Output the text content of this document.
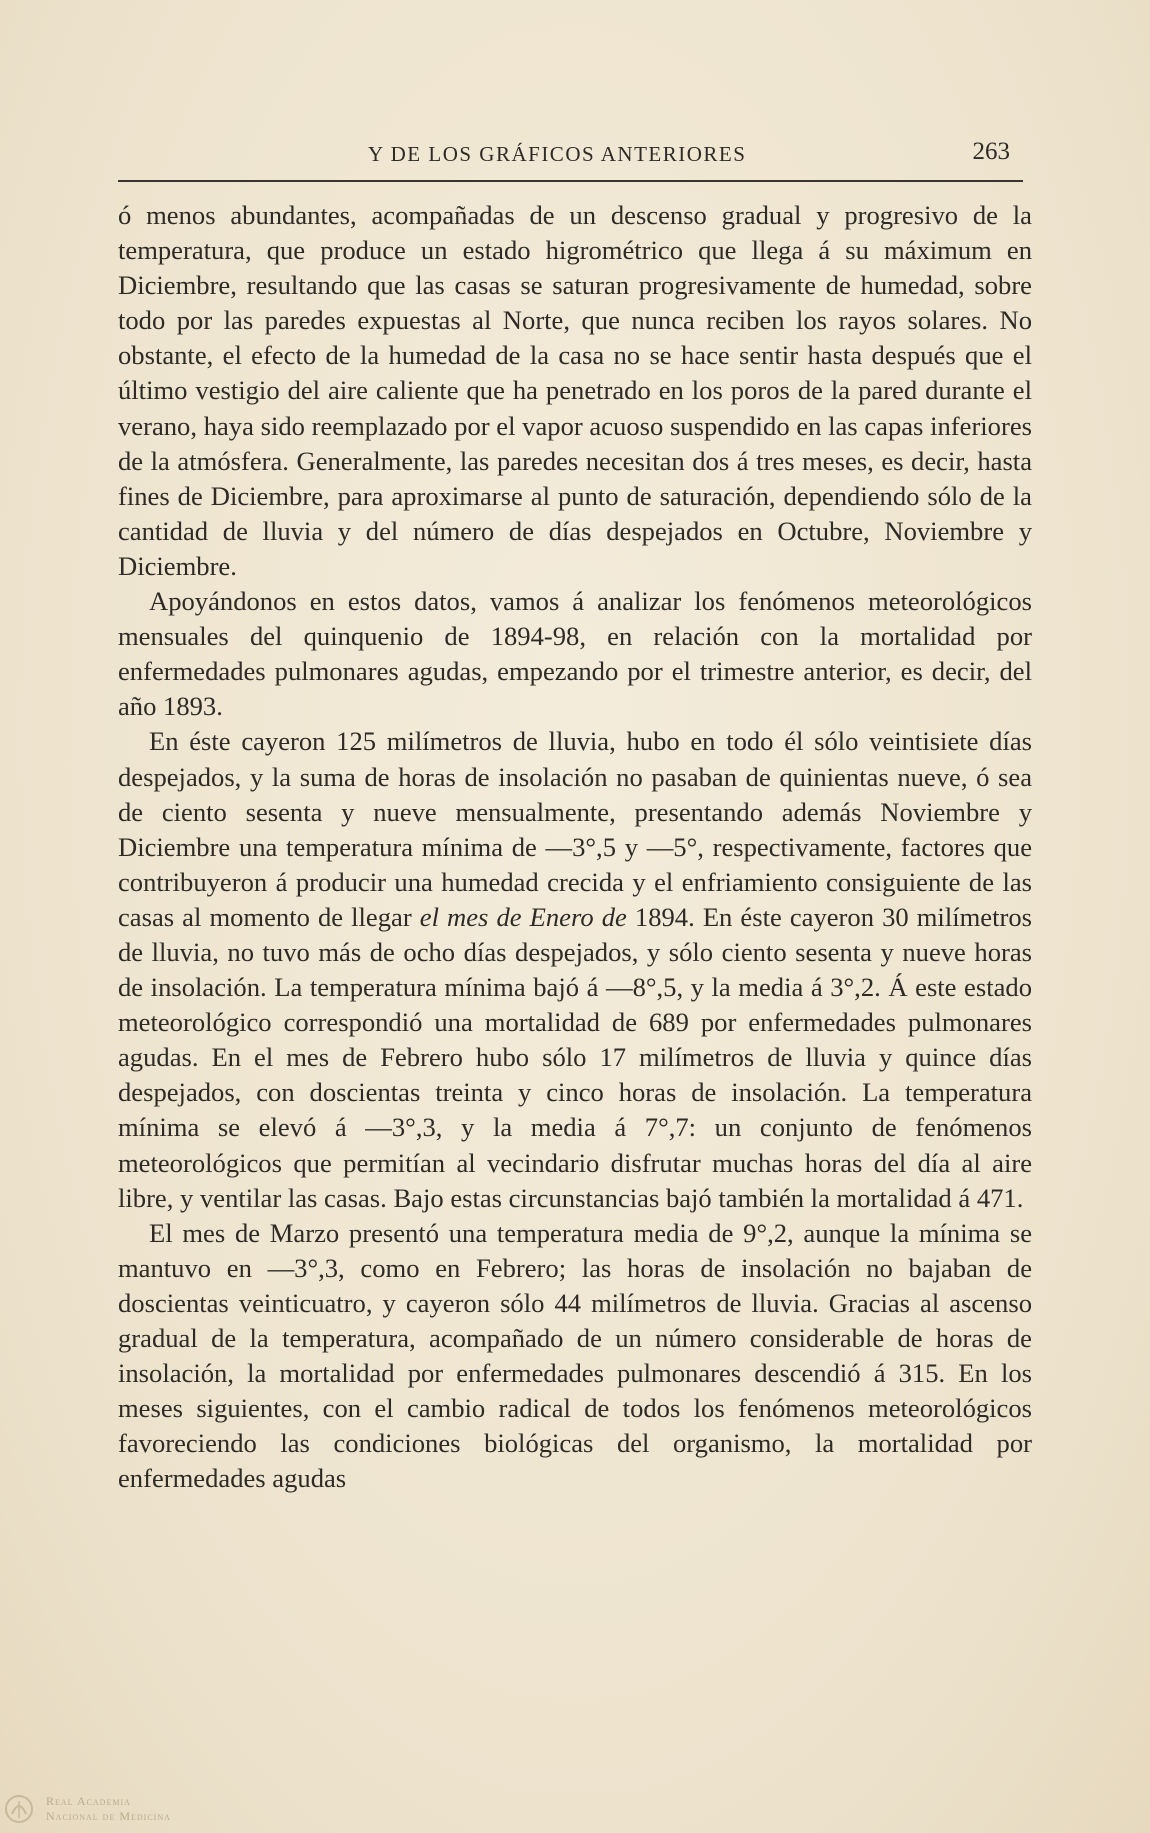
Y DE LOS GRÁFICOS ANTERIORES	263

ó menos abundantes, acompañadas de un descenso gradual y progresivo de la temperatura, que produce un estado higrométrico que llega á su máximum en Diciembre, resultando que las casas se saturan progresivamente de humedad, sobre todo por las paredes expuestas al Norte, que nunca reciben los rayos solares. No obstante, el efecto de la humedad de la casa no se hace sentir hasta después que el último vestigio del aire caliente que ha penetrado en los poros de la pared durante el verano, haya sido reemplazado por el vapor acuoso suspendido en las capas inferiores de la atmósfera. Generalmente, las paredes necesitan dos á tres meses, es decir, hasta fines de Diciembre, para aproximarse al punto de saturación, dependiendo sólo de la cantidad de lluvia y del número de días despejados en Octubre, Noviembre y Diciembre.

Apoyándonos en estos datos, vamos á analizar los fenómenos meteorológicos mensuales del quinquenio de 1894-98, en relación con la mortalidad por enfermedades pulmonares agudas, empezando por el trimestre anterior, es decir, del año 1893.

En éste cayeron 125 milímetros de lluvia, hubo en todo él sólo veintisiete días despejados, y la suma de horas de insolación no pasaban de quinientas nueve, ó sea de ciento sesenta y nueve mensualmente, presentando además Noviembre y Diciembre una temperatura mínima de —3°,5 y —5°, respectivamente, factores que contribuyeron á producir una humedad crecida y el enfriamiento consiguiente de las casas al momento de llegar el mes de Enero de 1894. En éste cayeron 30 milímetros de lluvia, no tuvo más de ocho días despejados, y sólo ciento sesenta y nueve horas de insolación. La temperatura mínima bajó á —8°,5, y la media á 3°,2. Á este estado meteorológico correspondió una mortalidad de 689 por enfermedades pulmonares agudas. En el mes de Febrero hubo sólo 17 milímetros de lluvia y quince días despejados, con doscientas treinta y cinco horas de insolación. La temperatura mínima se elevó á —3°,3, y la media á 7°,7: un conjunto de fenómenos meteorológicos que permitían al vecindario disfrutar muchas horas del día al aire libre, y ventilar las casas. Bajo estas circunstancias bajó también la mortalidad á 471.

El mes de Marzo presentó una temperatura media de 9°,2, aunque la mínima se mantuvo en —3°,3, como en Febrero; las horas de insolación no bajaban de doscientas veinticuatro, y cayeron sólo 44 milímetros de lluvia. Gracias al ascenso gradual de la temperatura, acompañado de un número considerable de horas de insolación, la mortalidad por enfermedades pulmonares descendió á 315. En los meses siguientes, con el cambio radical de todos los fenómenos meteorológicos favoreciendo las condiciones biológicas del organismo, la mortalidad por enfermedades agudas

Real Academia
Nacional de Medicina
